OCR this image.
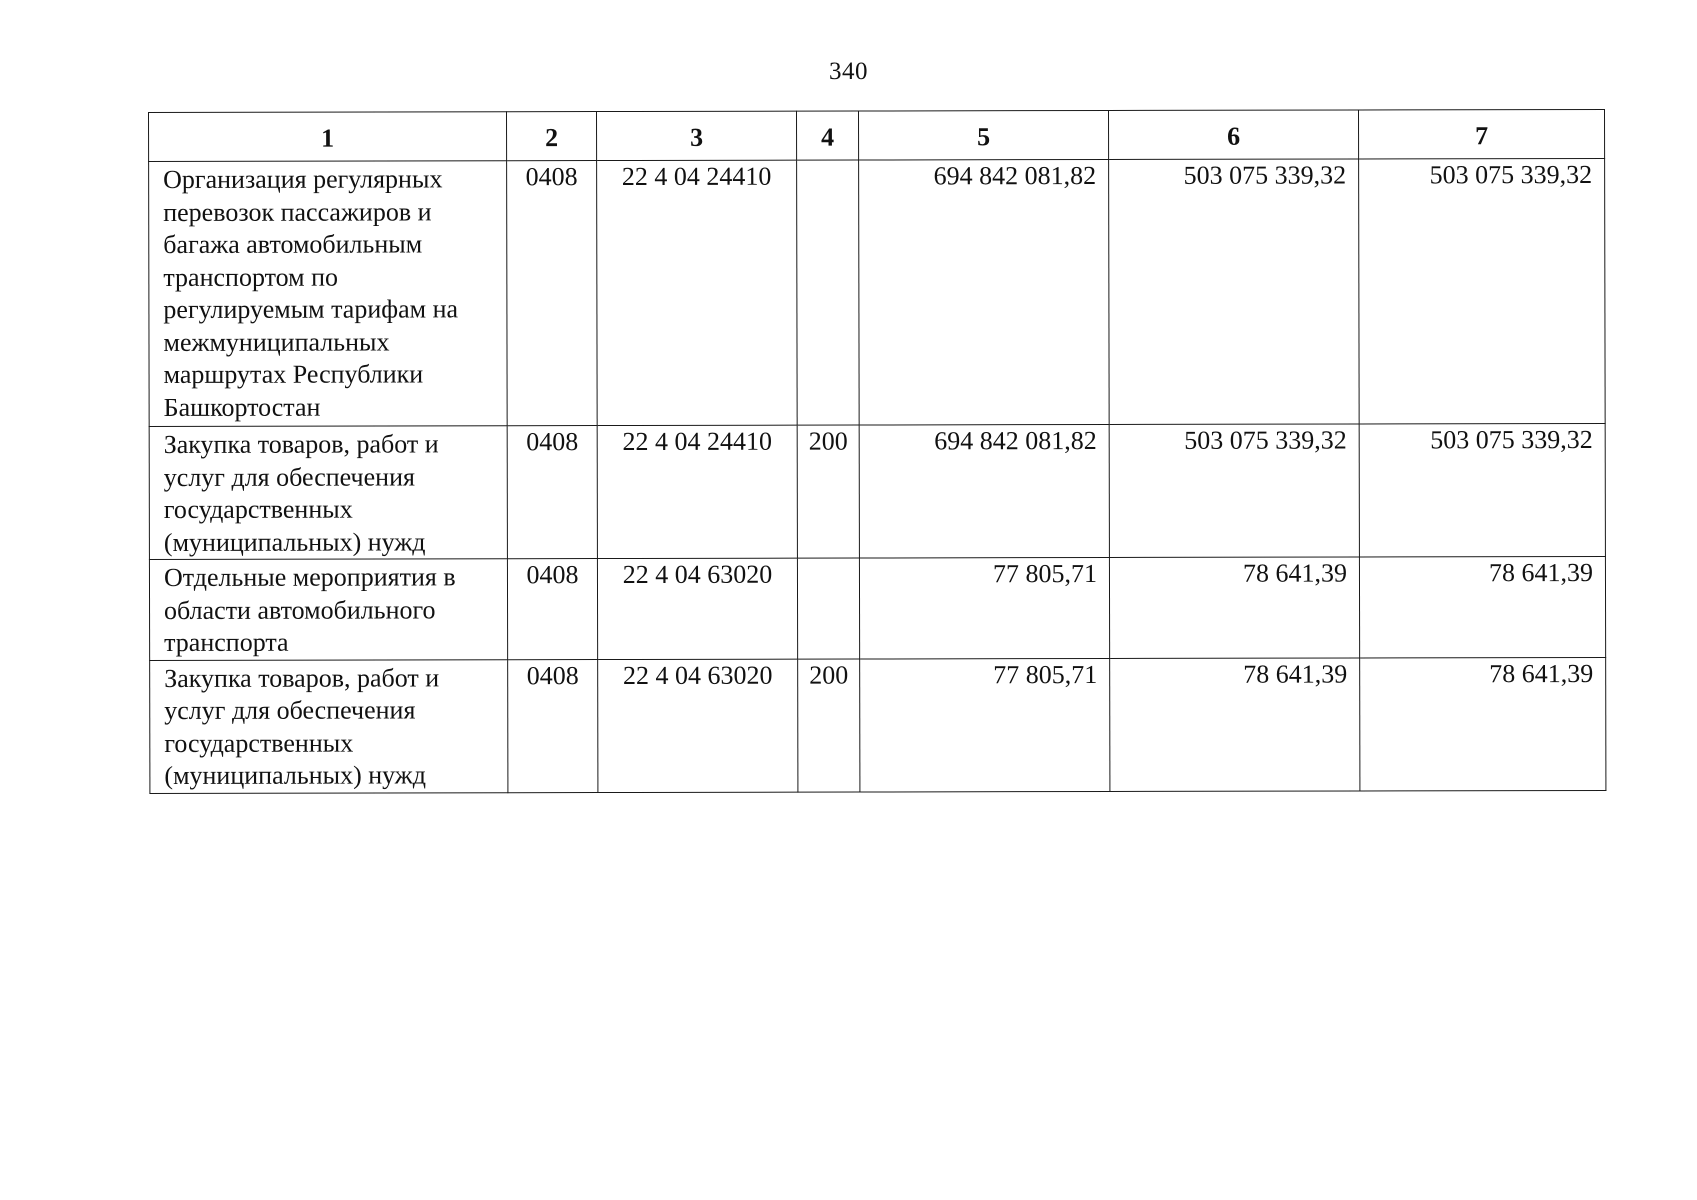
340
1	2	3	4	5	6	7

Организация регулярных перевозок пассажиров и багажа автомобильным транспортом по регулируемым тарифам на межмуниципальных маршрутах Республики Башкортостан	0408	22 4 04 24410		694 842 081,82	503 075 339,32	503 075 339,32

Закупка товаров, работ и услуг для обеспечения государственных (муниципальных) нужд	0408	22 4 04 24410	200	694 842 081,82	503 075 339,32	503 075 339,32

Отдельные мероприятия в области автомобильного транспорта	0408	22 4 04 63020		77 805,71	78 641,39	78 641,39

Закупка товаров, работ и услуг для обеспечения государственных (муниципальных) нужд	0408	22 4 04 63020	200	77 805,71	78 641,39	78 641,39
